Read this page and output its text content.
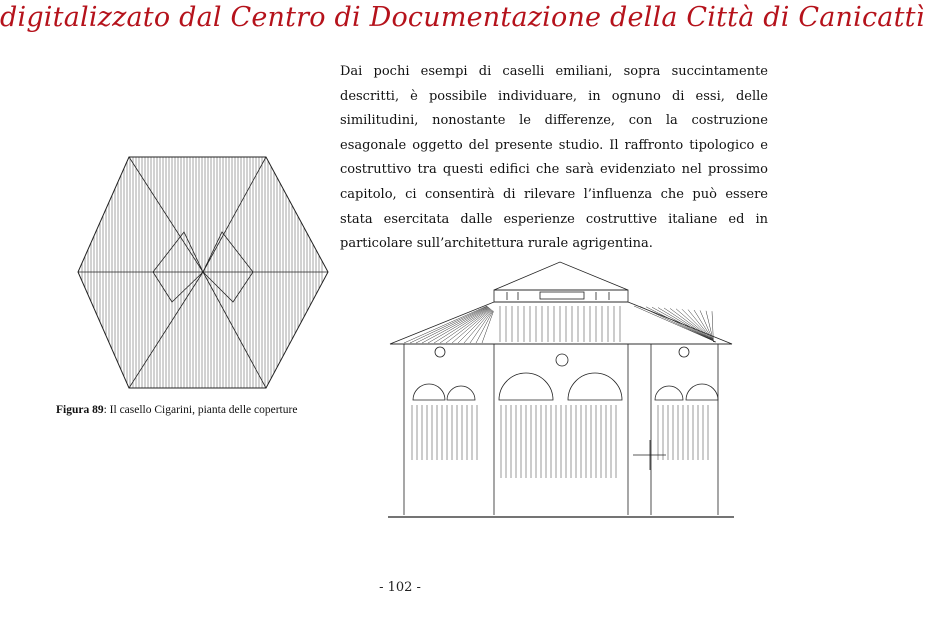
digitalizzato dal Centro di Documentazione della Città di Canicattì
Dai pochi esempi di caselli emiliani, sopra succintamente descritti, è possibile individuare, in ognuno di essi, delle similitudini, nonostante le differenze, con la costruzione esagonale oggetto del presente studio. Il raffronto tipologico e costruttivo tra questi edifici che sarà evidenziato nel prossimo capitolo, ci consentirà di rilevare l’influenza che può essere stata esercitata dalle esperienze costruttive italiane ed in particolare sull’architettura rurale agrigentina.
Figura 89: Il casello Cigarini, pianta delle coperture
- 102 -
